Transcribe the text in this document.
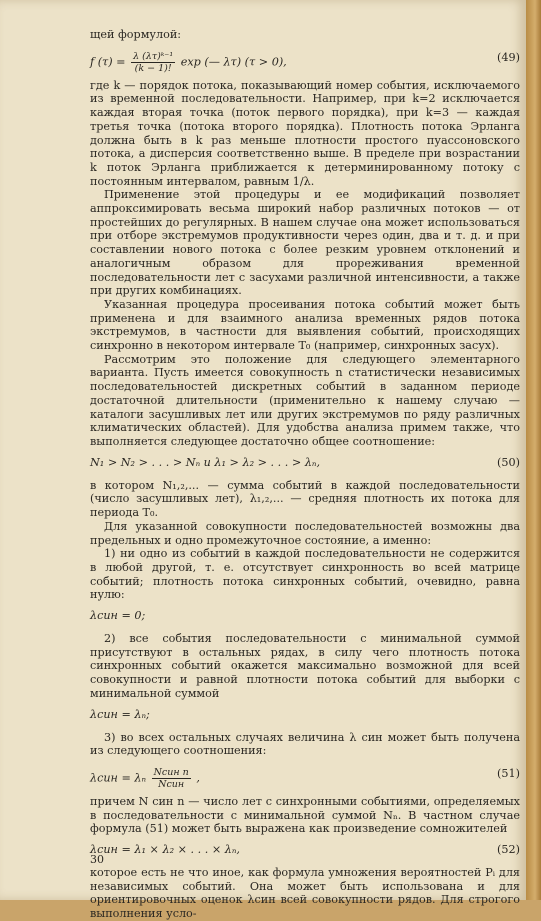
щей формулой:

f $(\tau) = \frac{\text{λ (λτ)ᵏ⁻¹}}{(k - 1)!}$ exp (— λτ) (τ > 0),	(49)

где k — порядок потока, показывающий номер события, исключаемого из временной последовательности. Например, при k=2 исключается каждая вторая точка (поток первого порядка), при k=3 — каждая третья точка (потока второго порядка). Плотность потока Эрланга должна быть в k раз меньше плотности простого пуассоновского потока, а дисперсия соответственно выше. В пределе при возрастании k поток Эрланга приближается к детерминированному потоку с постоянным интервалом, равным 1/λ.

Применение этой процедуры и ее модификаций позволяет аппроксимировать весьма широкий набор различных потоков — от простейших до регулярных. В нашем случае она может использоваться при отборе экстремумов продуктивности через один, два и т. д. и при составлении нового потока с более резким уровнем отклонений и аналогичным образом для прореживания временной последовательности лет с засухами различной интенсивности, а также при других комбинациях.

Указанная процедура просеивания потока событий может быть применена и для взаимного анализа временных рядов потока экстремумов, в частности для выявления событий, происходящих синхронно в некотором интервале T₀ (например, синхронных засух).

Рассмотрим это положение для следующего элементарного варианта. Пусть имеется совокупность n статистически независимых последовательностей дискретных событий в заданном периоде достаточной длительности (применительно к нашему случаю — каталоги засушливых лет или других экстремумов по ряду различных климатических областей). Для удобства анализа примем также, что выполняется следующее достаточно общее соотношение:

N₁ > N₂ > . . . > Nₙ и λ₁ > λ₂ > . . . > λₙ,	(50)

в котором N₁,₂,... — сумма событий в каждой последовательности (число засушливых лет), λ₁,₂,... — средняя плотность их потока для периода T₀.

Для указанной совокупности последовательностей возможны два предельных и одно промежуточное состояние, а именно:

1) ни одно из событий в каждой последовательности не содержится в любой другой, т. е. отсутствует синхронность во всей матрице событий; плотность потока синхронных событий, очевидно, равна нулю:

λсин = 0;

2) все события последовательности с минимальной суммой присутствуют в остальных рядах, в силу чего плотность потока синхронных событий окажется максимально возможной для всей совокупности и равной плотности потока событий для выборки с минимальной суммой

λсин = λₙ;

3) во всех остальных случаях величина λ син может быть получена из следующего соотношения:

λсин = λₙ $\frac{\text{Nсин n}}{\text{Nсин}}$ ,	(51)

причем N син n — число лет с синхронными событиями, определяемых в последовательности с минимальной суммой Nₙ. В частном случае формула (51) может быть выражена как произведение сомножителей

λсин = λ₁ × λ₂ × . . . × λₙ,	(52)

которое есть не что иное, как формула умножения вероятностей Pᵢ для независимых событий. Она может быть использована и для ориентировочных оценок λсин всей совокупности рядов. Для строгого выполнения усло-

30
